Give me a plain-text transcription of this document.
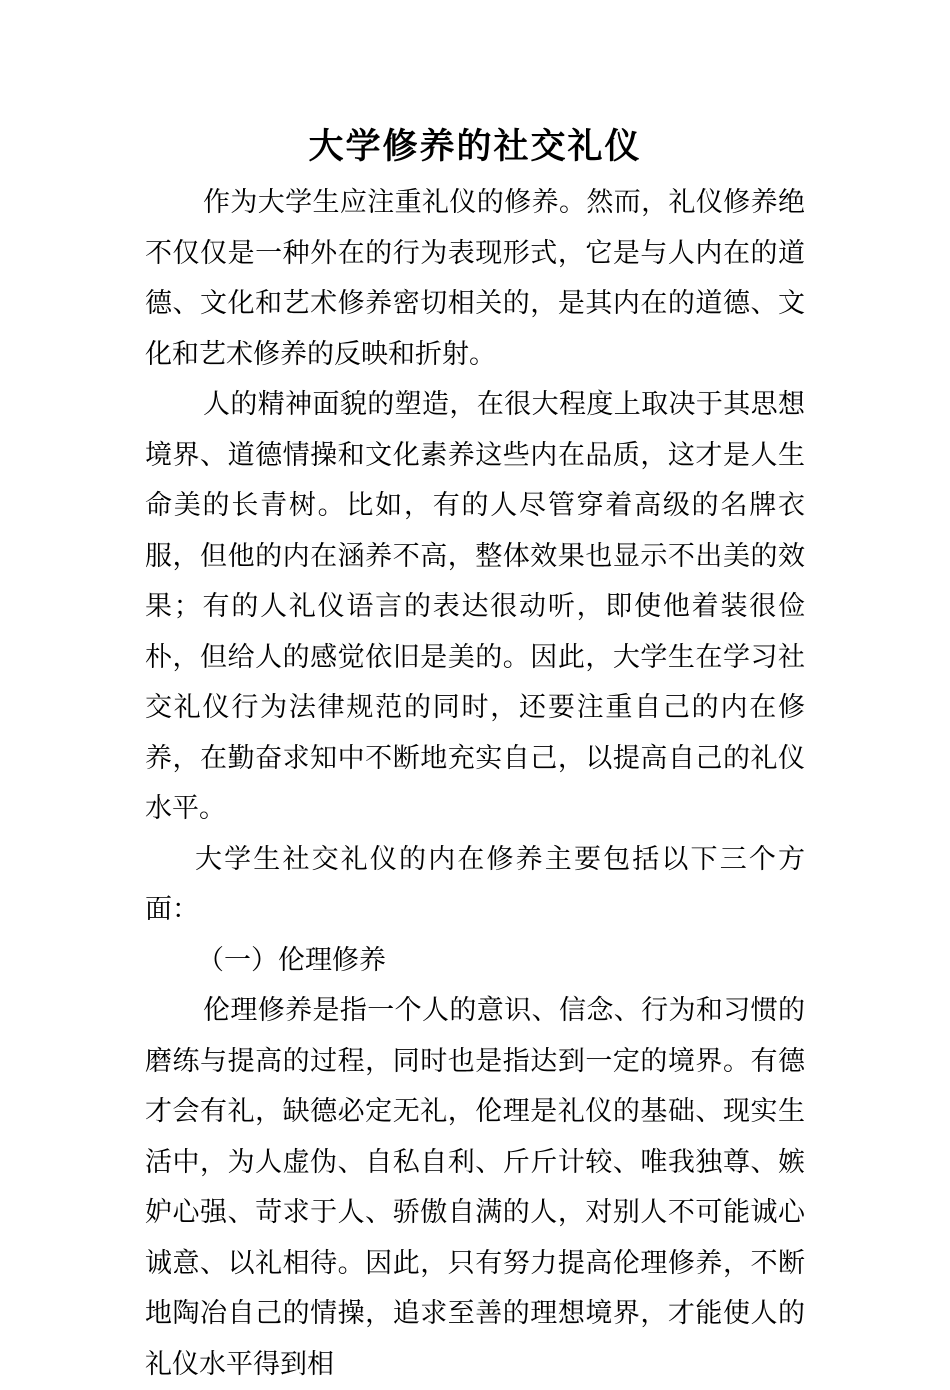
大学修养的社交礼仪

作为大学生应注重礼仪的修养。然而，礼仪修养绝不仅仅是一种外在的行为表现形式，它是与人内在的道德、文化和艺术修养密切相关的，是其内在的道德、文化和艺术修养的反映和折射。

人的精神面貌的塑造，在很大程度上取决于其思想境界、道德情操和文化素养这些内在品质，这才是人生命美的长青树。比如，有的人尽管穿着高级的名牌衣服，但他的内在涵养不高，整体效果也显示不出美的效果；有的人礼仪语言的表达很动听，即使他着装很俭朴，但给人的感觉依旧是美的。因此，大学生在学习社交礼仪行为法律规范的同时，还要注重自己的内在修养，在勤奋求知中不断地充实自己，以提高自己的礼仪水平。

大学生社交礼仪的内在修养主要包括以下三个方面：

（一）伦理修养

伦理修养是指一个人的意识、信念、行为和习惯的磨练与提高的过程，同时也是指达到一定的境界。有德才会有礼，缺德必定无礼，伦理是礼仪的基础、现实生活中，为人虚伪、自私自利、斤斤计较、唯我独尊、嫉妒心强、苛求于人、骄傲自满的人，对别人不可能诚心诚意、以礼相待。因此，只有努力提高伦理修养，不断地陶冶自己的情操，追求至善的理想境界，才能使人的礼仪水平得到相
